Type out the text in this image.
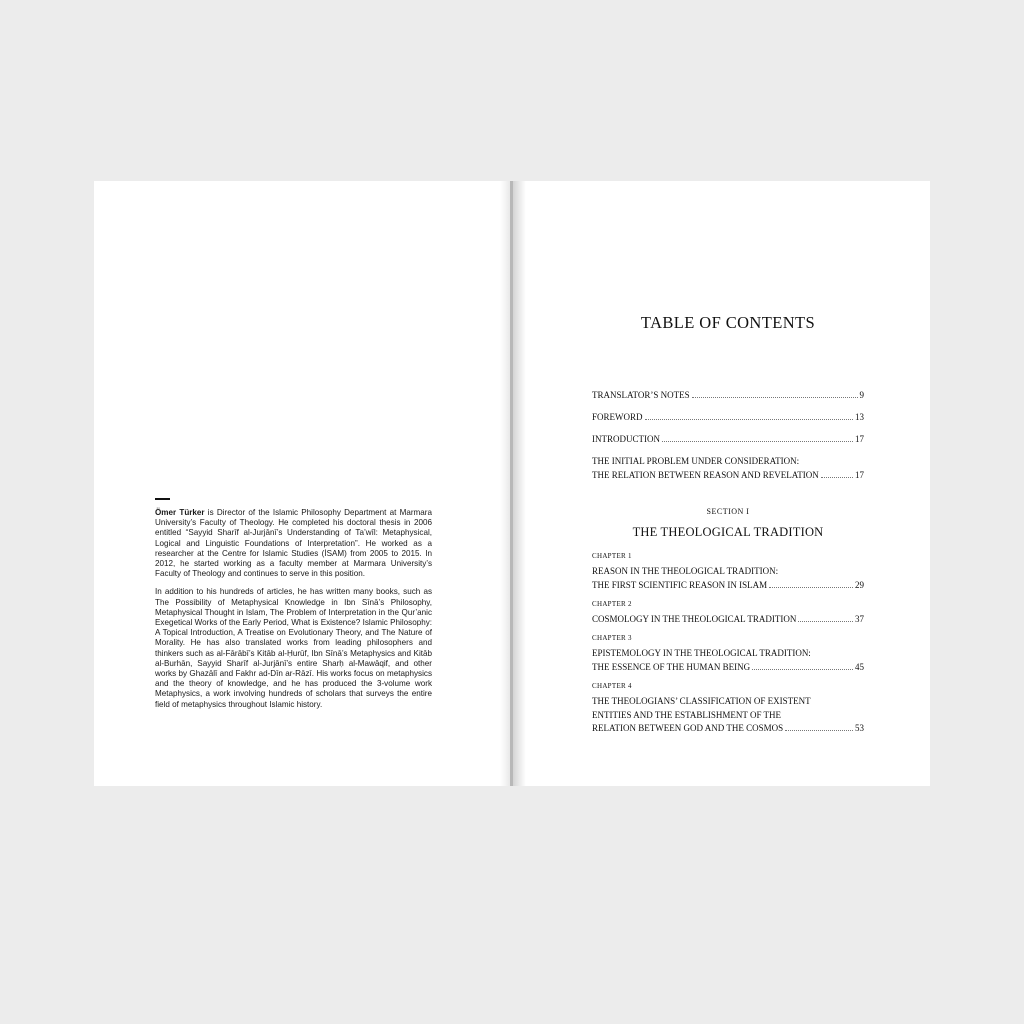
Ömer Türker is Director of the Islamic Philosophy Department at Marmara University’s Faculty of Theology. He completed his doctoral thesis in 2006 entitled “Sayyid Sharīf al-Jurjānī’s Understanding of Ta’wīl: Metaphysical, Logical and Linguistic Foundations of Interpretation”. He worked as a researcher at the Centre for Islamic Studies (İSAM) from 2005 to 2015. In 2012, he started working as a faculty member at Marmara University’s Faculty of Theology and continues to serve in this position.

In addition to his hundreds of articles, he has written many books, such as The Possibility of Metaphysical Knowledge in Ibn Sīnā’s Philosophy, Metaphysical Thought in Islam, The Problem of Interpretation in the Qur’anic Exegetical Works of the Early Period, What is Existence? Islamic Philosophy: A Topical Introduction, A Treatise on Evolutionary Theory, and The Nature of Morality. He has also translated works from leading philosophers and thinkers such as al-Fārābī’s Kitāb al-Ḥurūf, Ibn Sīnā’s Metaphysics and Kitāb al-Burhān, Sayyid Sharīf al-Jurjānī’s entire Sharḥ al-Mawāqif, and other works by Ghazālī and Fakhr ad-Dīn ar-Rāzī. His works focus on metaphysics and the theory of knowledge, and he has produced the 3-volume work Metaphysics, a work involving hundreds of scholars that surveys the entire field of metaphysics throughout Islamic history.

TABLE OF CONTENTS
TRANSLATOR’S NOTES	9
FOREWORD	13
INTRODUCTION	17
THE INITIAL PROBLEM UNDER CONSIDERATION:
THE RELATION BETWEEN REASON AND REVELATION	17
SECTION I
THE THEOLOGICAL TRADITION
CHAPTER 1
REASON IN THE THEOLOGICAL TRADITION:
THE FIRST SCIENTIFIC REASON IN ISLAM	29
CHAPTER 2
COSMOLOGY IN THE THEOLOGICAL TRADITION	37
CHAPTER 3
EPISTEMOLOGY IN THE THEOLOGICAL TRADITION:
THE ESSENCE OF THE HUMAN BEING	45
CHAPTER 4
THE THEOLOGIANS’ CLASSIFICATION OF EXISTENT
ENTITIES AND THE ESTABLISHMENT OF THE
RELATION BETWEEN GOD AND THE COSMOS	53
